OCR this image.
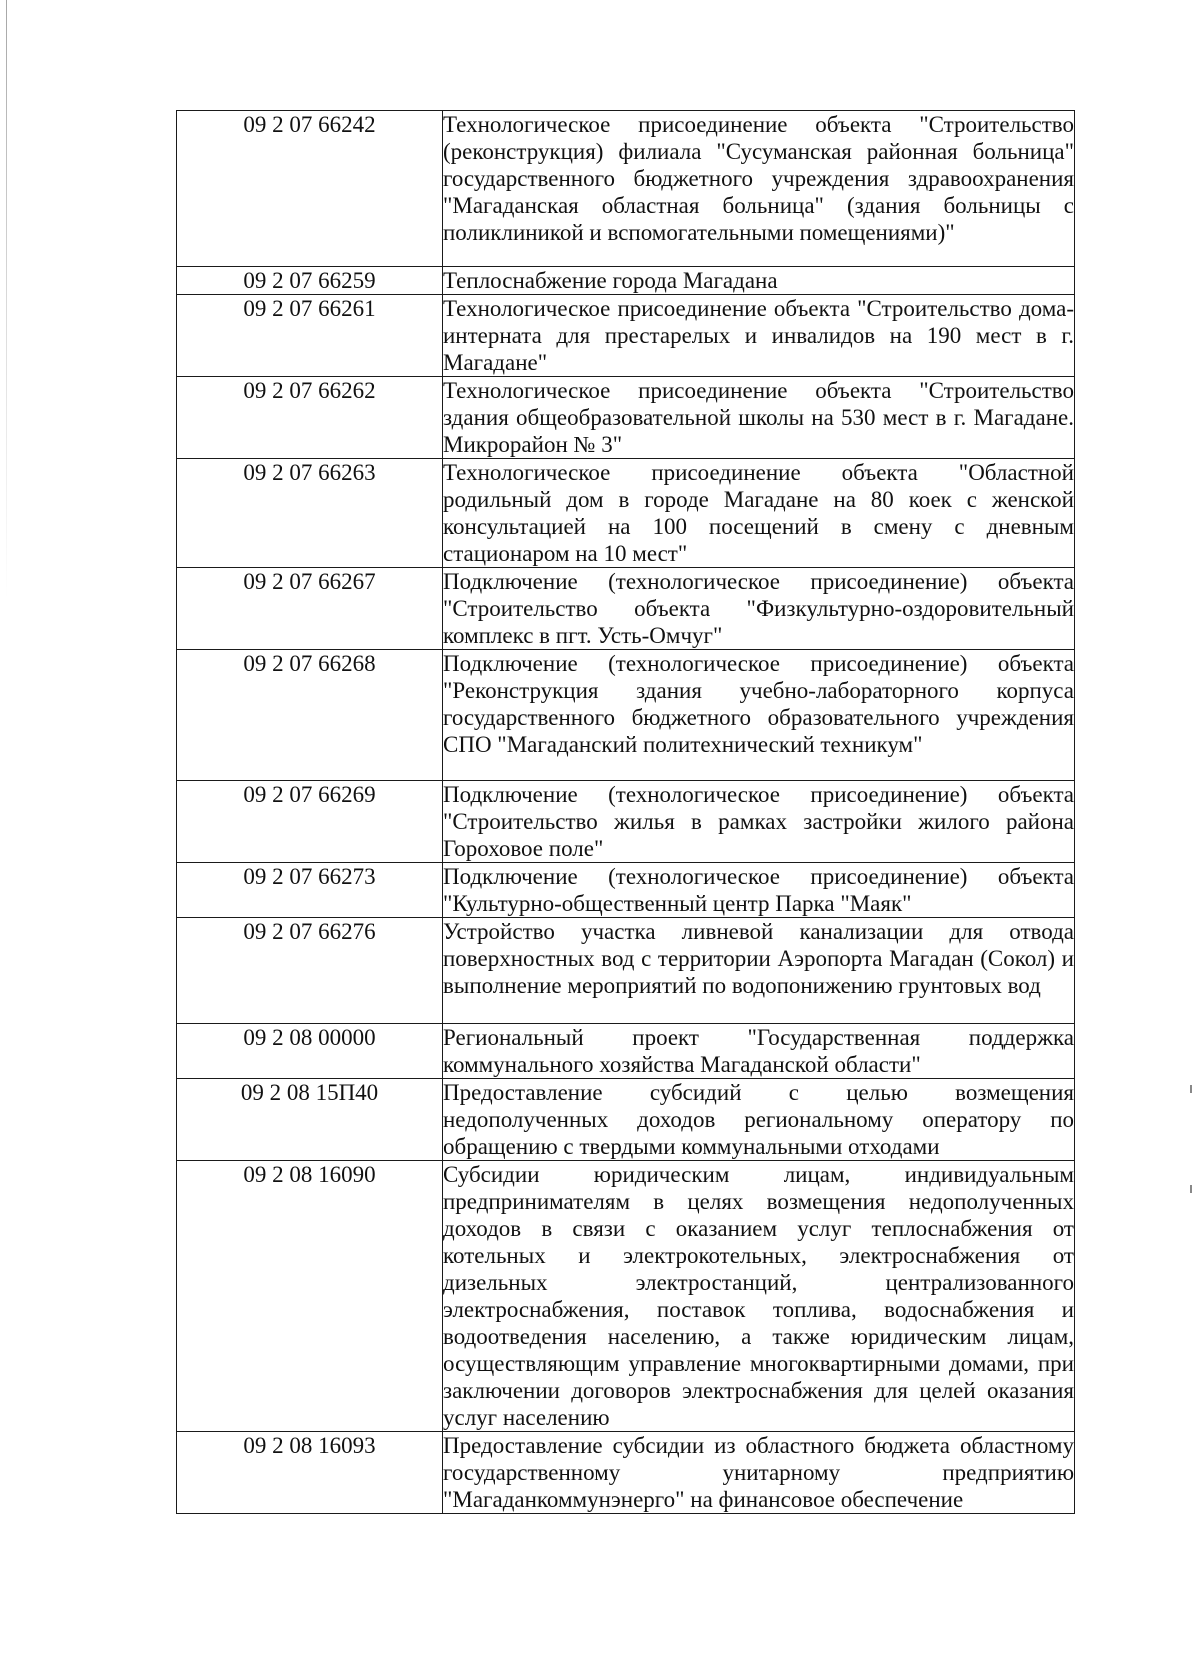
09 2 07 66242	Технологическое присоединение объекта "Строительство (реконструкция) филиала "Сусуманская районная больница" государственного бюджетного учреждения здравоохранения "Магаданская областная больница" (здания больницы с поликлиникой и вспомогательными помещениями)"
09 2 07 66259	Теплоснабжение города Магадана
09 2 07 66261	Технологическое присоединение объекта "Строительство дома-интерната для престарелых и инвалидов на 190 мест в г. Магадане"
09 2 07 66262	Технологическое присоединение объекта "Строительство здания общеобразовательной школы на 530 мест в г. Магадане. Микрорайон № 3"
09 2 07 66263	Технологическое присоединение объекта "Областной родильный дом в городе Магадане на 80 коек с женской консультацией на 100 посещений в смену с дневным стационаром на 10 мест"
09 2 07 66267	Подключение (технологическое присоединение) объекта "Строительство объекта "Физкультурно-оздоровительный комплекс в пгт. Усть-Омчуг"
09 2 07 66268	Подключение (технологическое присоединение) объекта "Реконструкция здания учебно-лабораторного корпуса государственного бюджетного образовательного учреждения СПО "Магаданский политехнический техникум"
09 2 07 66269	Подключение (технологическое присоединение) объекта "Строительство жилья в рамках застройки жилого района Гороховое поле"
09 2 07 66273	Подключение (технологическое присоединение) объекта "Культурно-общественный центр Парка "Маяк"
09 2 07 66276	Устройство участка ливневой канализации для отвода поверхностных вод с территории Аэропорта Магадан (Сокол) и выполнение мероприятий по водопонижению грунтовых вод
09 2 08 00000	Региональный проект "Государственная поддержка коммунального хозяйства Магаданской области"
09 2 08 15П40	Предоставление субсидий с целью возмещения недополученных доходов региональному оператору по обращению с твердыми коммунальными отходами
09 2 08 16090	Субсидии юридическим лицам, индивидуальным предпринимателям в целях возмещения недополученных доходов в связи с оказанием услуг теплоснабжения от котельных и электрокотельных, электроснабжения от дизельных электростанций, централизованного электроснабжения, поставок топлива, водоснабжения и водоотведения населению, а также юридическим лицам, осуществляющим управление многоквартирными домами, при заключении договоров электроснабжения для целей оказания услуг населению
09 2 08 16093	Предоставление субсидии из областного бюджета областному государственному унитарному предприятию "Магаданкоммунэнерго" на финансовое обеспечение
